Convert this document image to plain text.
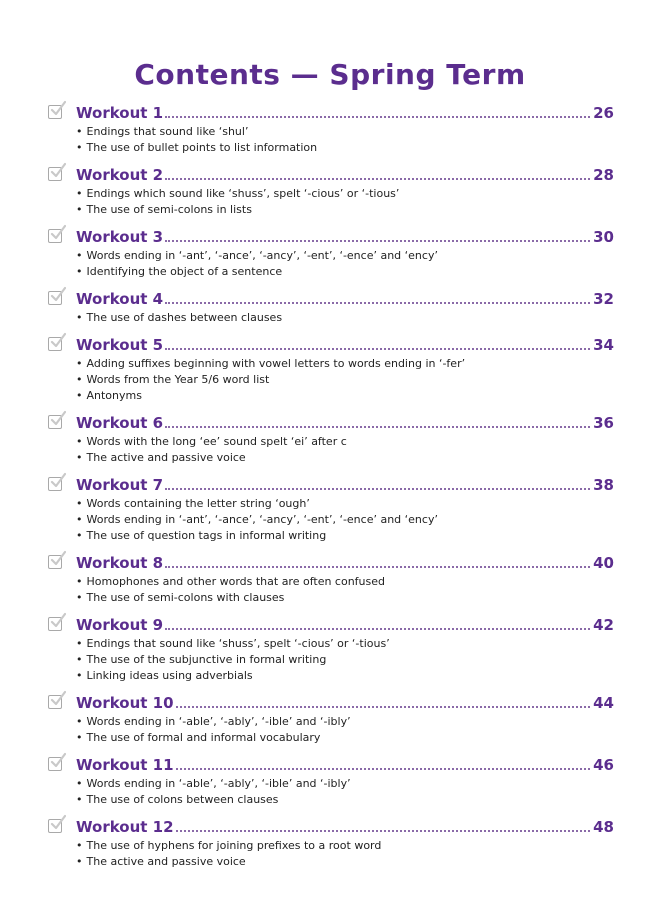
Contents — Spring Term
Workout 1	26
• Endings that sound like ‘shul’
• The use of bullet points to list information
Workout 2	28
• Endings which sound like ‘shuss’, spelt ‘-cious’ or ‘-tious’
• The use of semi-colons in lists
Workout 3	30
• Words ending in ‘-ant’, ‘-ance’, ‘-ancy’, ‘-ent’, ‘-ence’ and ‘ency’
• Identifying the object of a sentence
Workout 4	32
• The use of dashes between clauses
Workout 5	34
• Adding suffixes beginning with vowel letters to words ending in ‘-fer’
• Words from the Year 5/6 word list
• Antonyms
Workout 6	36
• Words with the long ‘ee’ sound spelt ‘ei’ after c
• The active and passive voice
Workout 7	38
• Words containing the letter string ‘ough’
• Words ending in ‘-ant’, ‘-ance’, ‘-ancy’, ‘-ent’, ‘-ence’ and ‘ency’
• The use of question tags in informal writing
Workout 8	40
• Homophones and other words that are often confused
• The use of semi-colons with clauses
Workout 9	42
• Endings that sound like ‘shuss’, spelt ‘-cious’ or ‘-tious’
• The use of the subjunctive in formal writing
• Linking ideas using adverbials
Workout 10	44
• Words ending in ‘-able’, ‘-ably’, ‘-ible’ and ‘-ibly’
• The use of formal and informal vocabulary
Workout 11	46
• Words ending in ‘-able’, ‘-ably’, ‘-ible’ and ‘-ibly’
• The use of colons between clauses
Workout 12	48
• The use of hyphens for joining prefixes to a root word
• The active and passive voice
